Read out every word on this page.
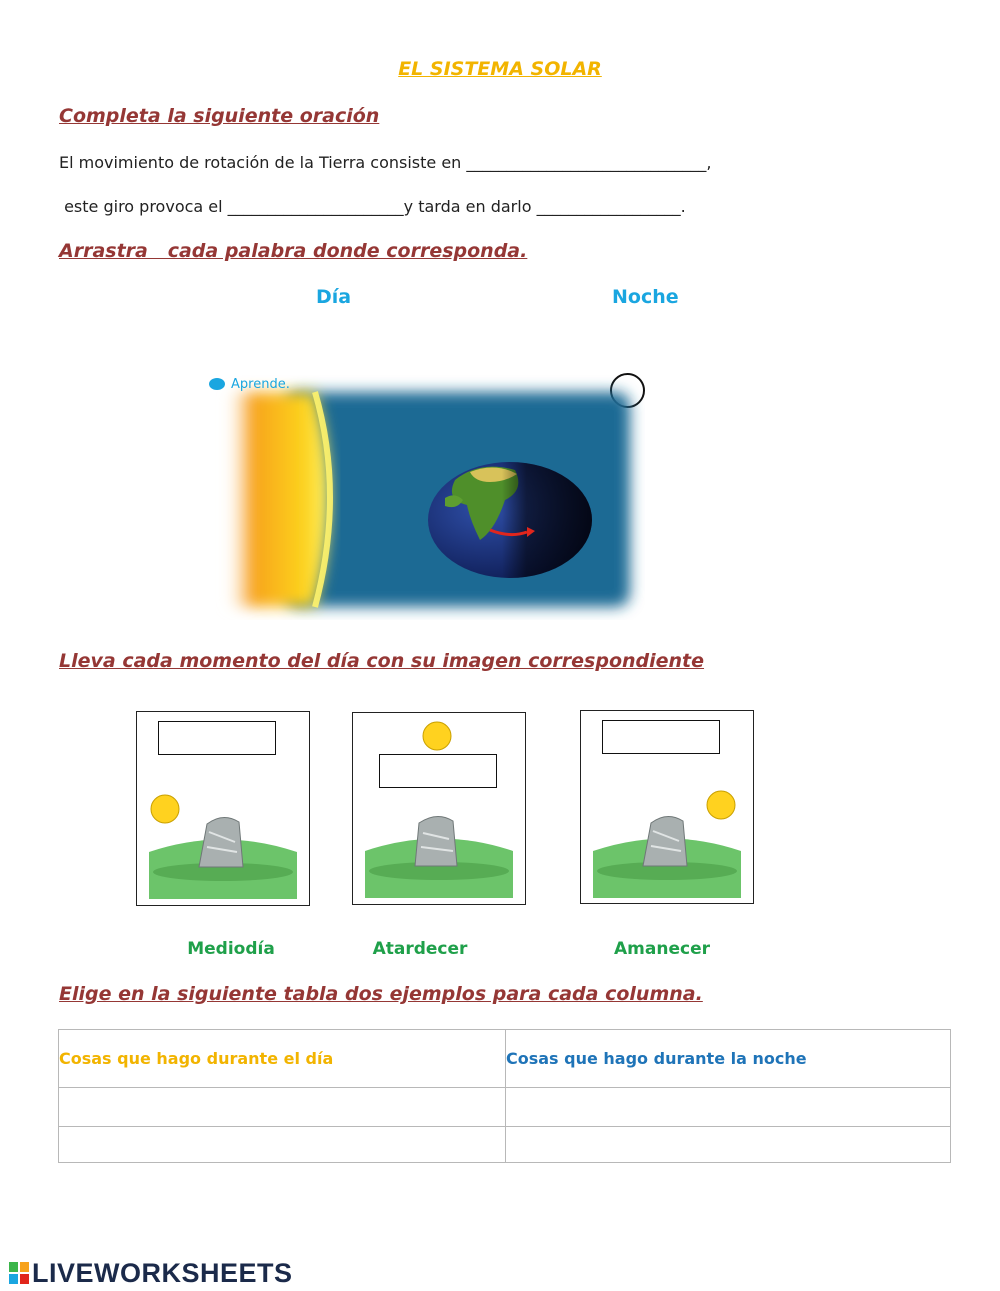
EL SISTEMA SOLAR
Completa la siguiente oración
El movimiento de rotación de la Tierra consiste en ______________________________,
este giro provoca el ______________________y tarda en darlo __________________.
Arrastra   cada palabra donde corresponda.
Día	Noche
Aprende.
Lleva cada momento del día con su imagen correspondiente
Mediodía	Atardecer	Amanecer
Elige en la siguiente tabla dos ejemplos para cada columna.
Cosas que hago durante el día	Cosas que hago durante la noche

LIVEWORKSHEETS
